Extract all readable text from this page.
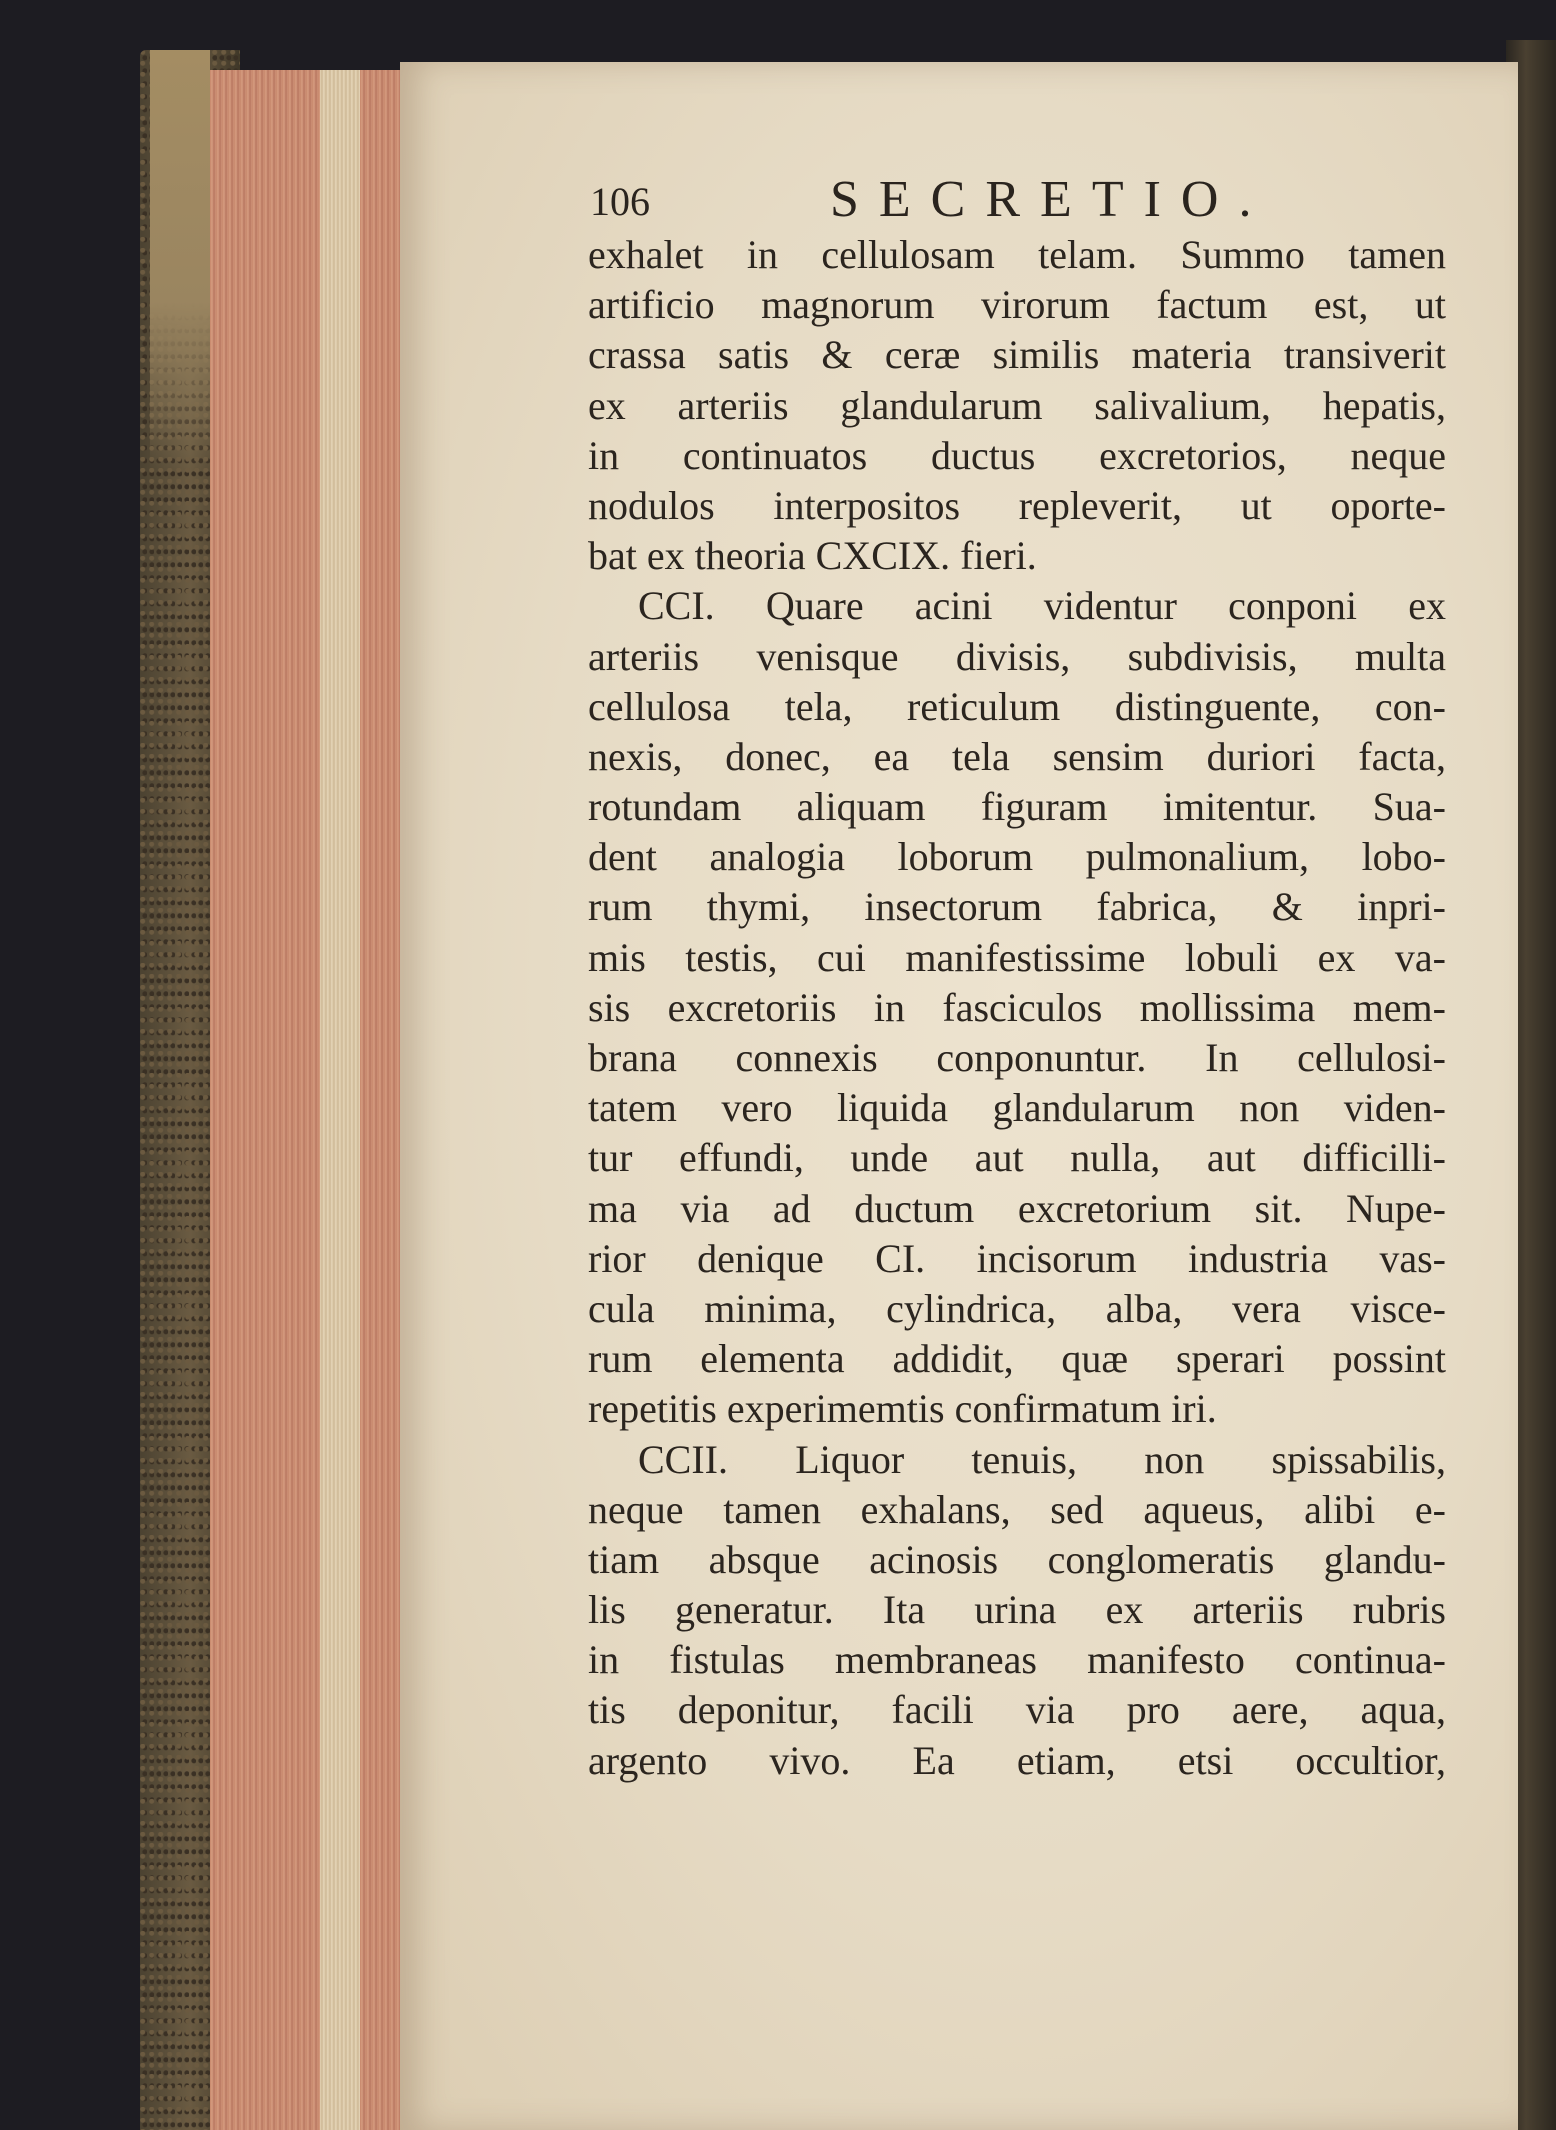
106	SECRETIO.
exhalet in cellulosam telam. Summo tamen
artificio magnorum virorum factum est, ut
crassa satis & ceræ similis materia transiverit
ex arteriis glandularum salivalium, hepatis,
in continuatos ductus excretorios, neque
nodulos interpositos repleverit, ut oporte-
bat ex theoria CXCIX. fieri.
CCI. Quare acini videntur conponi ex
arteriis venisque divisis, subdivisis, multa
cellulosa tela, reticulum distinguente, con-
nexis, donec, ea tela sensim duriori facta,
rotundam aliquam figuram imitentur. Sua-
dent analogia loborum pulmonalium, lobo-
rum thymi, insectorum fabrica, & inpri-
mis testis, cui manifestissime lobuli ex va-
sis excretoriis in fasciculos mollissima mem-
brana connexis conponuntur. In cellulosi-
tatem vero liquida glandularum non viden-
tur effundi, unde aut nulla, aut difficilli-
ma via ad ductum excretorium sit. Nupe-
rior denique CI. incisorum industria vas-
cula minima, cylindrica, alba, vera visce-
rum elementa addidit, quæ sperari possint
repetitis experimemtis confirmatum iri.
CCII. Liquor tenuis, non spissabilis,
neque tamen exhalans, sed aqueus, alibi e-
tiam absque acinosis conglomeratis glandu-
lis generatur. Ita urina ex arteriis rubris
in fistulas membraneas manifesto continua-
tis deponitur, facili via pro aere, aqua,
argento vivo. Ea etiam, etsi occultior,
